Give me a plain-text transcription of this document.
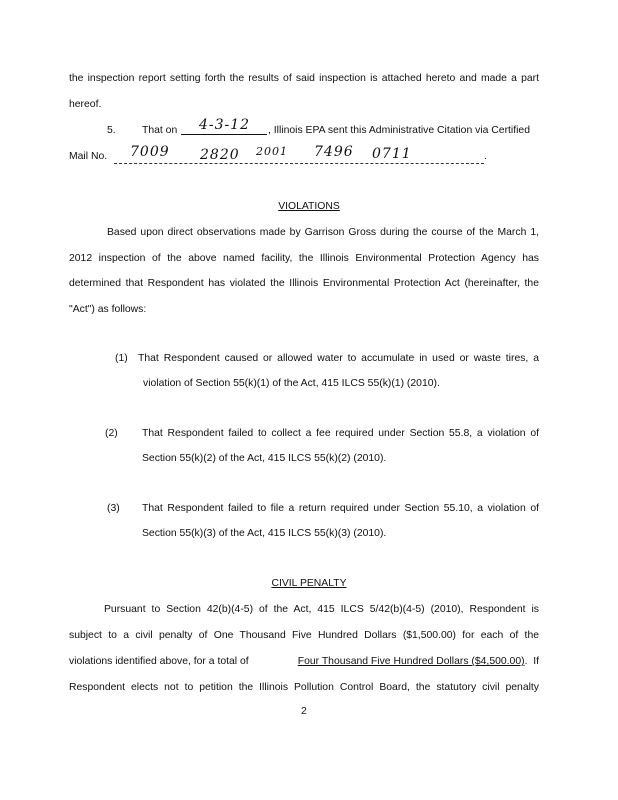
the inspection report setting forth the results of said inspection is attached hereto and made a part
hereof.
5.	That on 4-3-12 , Illinois EPA sent this Administrative Citation via Certified
Mail No. 7009 2820 2001 7496 0711	.
VIOLATIONS
Based upon direct observations made by Garrison Gross during the course of the March 1,
2012 inspection of the above named facility, the Illinois Environmental Protection Agency has
determined that Respondent has violated the Illinois Environmental Protection Act (hereinafter, the
"Act") as follows:
(1) That Respondent caused or allowed water to accumulate in used or waste tires, a
violation of Section 55(k)(1) of the Act, 415 ILCS 55(k)(1) (2010).
(2) That Respondent failed to collect a fee required under Section 55.8, a violation of
Section 55(k)(2) of the Act, 415 ILCS 55(k)(2) (2010).
(3) That Respondent failed to file a return required under Section 55.10, a violation of
Section 55(k)(3) of the Act, 415 ILCS 55(k)(3) (2010).
CIVIL PENALTY
Pursuant to Section 42(b)(4-5) of the Act, 415 ILCS 5/42(b)(4-5) (2010), Respondent is
subject to a civil penalty of One Thousand Five Hundred Dollars ($1,500.00) for each of the
violations identified above, for a total of	Four Thousand Five Hundred Dollars ($4,500.00) .  If
Respondent elects not to petition the Illinois Pollution Control Board, the statutory civil penalty
2
